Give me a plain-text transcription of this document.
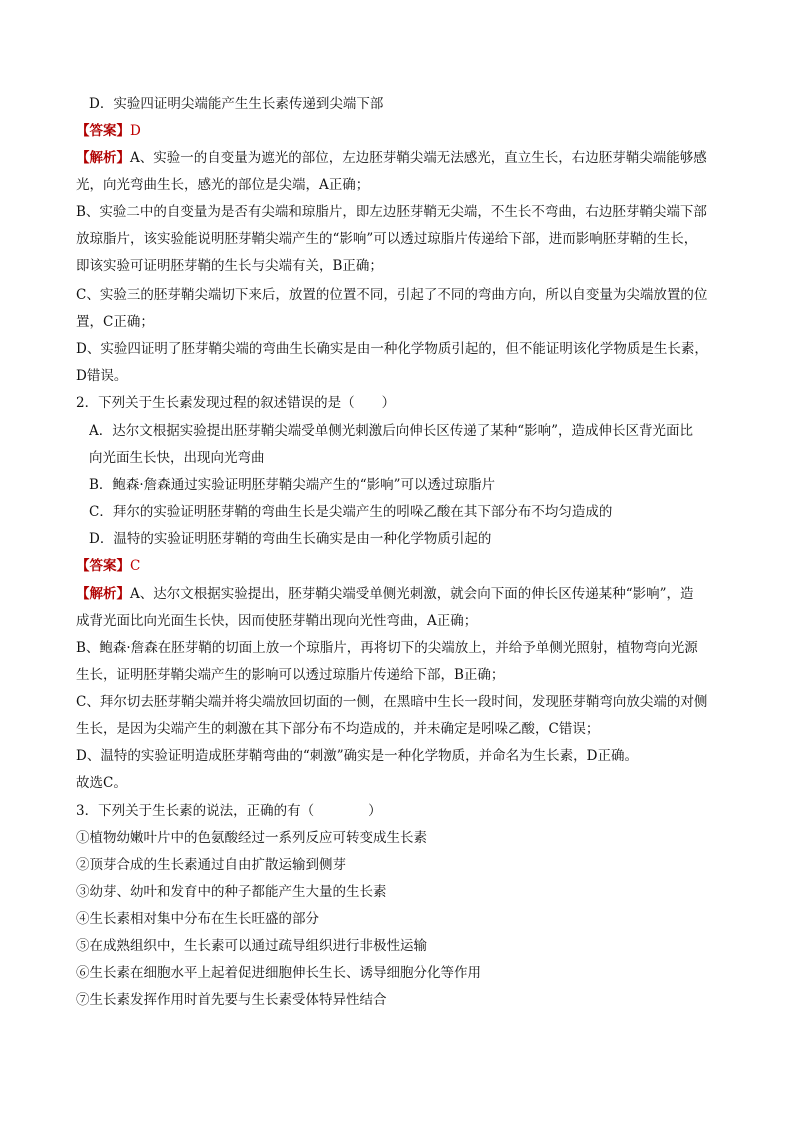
D．实验四证明尖端能产生生长素传递到尖端下部
【答案】D
【解析】A、实验一的自变量为遮光的部位，左边胚芽鞘尖端无法感光，直立生长，右边胚芽鞘尖端能够感
光，向光弯曲生长，感光的部位是尖端，A正确；
B、实验二中的自变量为是否有尖端和琼脂片，即左边胚芽鞘无尖端，不生长不弯曲，右边胚芽鞘尖端下部
放琼脂片，该实验能说明胚芽鞘尖端产生的“影响”可以透过琼脂片传递给下部，进而影响胚芽鞘的生长，
即该实验可证明胚芽鞘的生长与尖端有关，B正确；
C、实验三的胚芽鞘尖端切下来后，放置的位置不同，引起了不同的弯曲方向，所以自变量为尖端放置的位
置，C正确；
D、实验四证明了胚芽鞘尖端的弯曲生长确实是由一种化学物质引起的，但不能证明该化学物质是生长素，
D错误。
2．下列关于生长素发现过程的叙述错误的是（　　）
A．达尔文根据实验提出胚芽鞘尖端受单侧光刺激后向伸长区传递了某种“影响”，造成伸长区背光面比
向光面生长快，出现向光弯曲
B．鲍森·詹森通过实验证明胚芽鞘尖端产生的“影响”可以透过琼脂片
C．拜尔的实验证明胚芽鞘的弯曲生长是尖端产生的吲哚乙酸在其下部分布不均匀造成的
D．温特的实验证明胚芽鞘的弯曲生长确实是由一种化学物质引起的
【答案】C
【解析】A、达尔文根据实验提出，胚芽鞘尖端受单侧光刺激，就会向下面的伸长区传递某种“影响”，造
成背光面比向光面生长快，因而使胚芽鞘出现向光性弯曲，A正确；
B、鲍森·詹森在胚芽鞘的切面上放一个琼脂片，再将切下的尖端放上，并给予单侧光照射，植物弯向光源
生长，证明胚芽鞘尖端产生的影响可以透过琼脂片传递给下部，B正确；
C、拜尔切去胚芽鞘尖端并将尖端放回切面的一侧，在黑暗中生长一段时间，发现胚芽鞘弯向放尖端的对侧
生长，是因为尖端产生的刺激在其下部分布不均造成的，并未确定是吲哚乙酸，C错误；
D、温特的实验证明造成胚芽鞘弯曲的“刺激”确实是一种化学物质，并命名为生长素，D正确。
故选C。
3．下列关于生长素的说法，正确的有（　　　　）
①植物幼嫩叶片中的色氨酸经过一系列反应可转变成生长素
②顶芽合成的生长素通过自由扩散运输到侧芽
③幼芽、幼叶和发育中的种子都能产生大量的生长素
④生长素相对集中分布在生长旺盛的部分
⑤在成熟组织中，生长素可以通过疏导组织进行非极性运输
⑥生长素在细胞水平上起着促进细胞伸长生长、诱导细胞分化等作用
⑦生长素发挥作用时首先要与生长素受体特异性结合
